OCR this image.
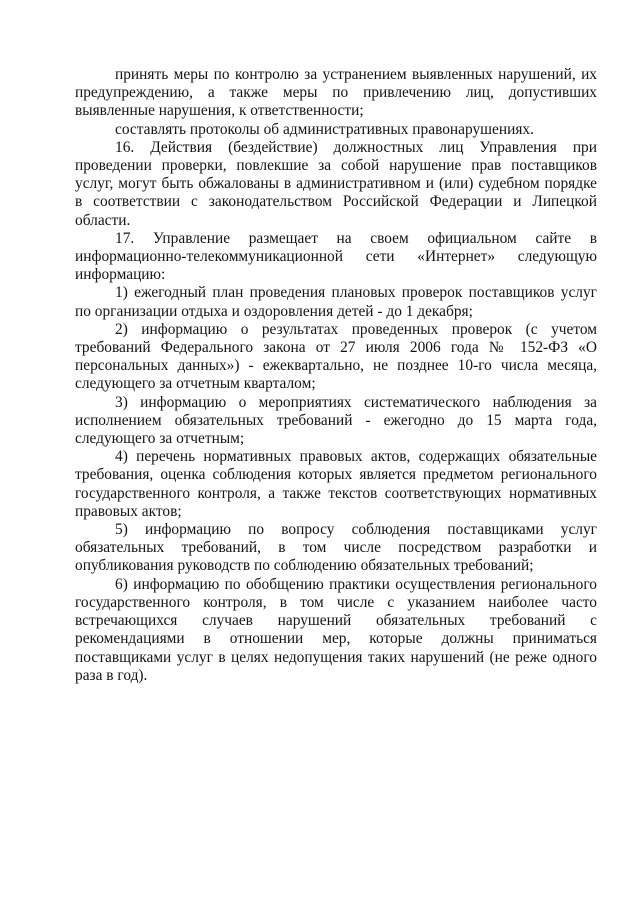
принять меры по контролю за устранением выявленных нарушений, их предупреждению, а также меры по привлечению лиц, допустивших выявленные нарушения, к ответственности;

составлять протоколы об административных правонарушениях.

16. Действия (бездействие) должностных лиц Управления при проведении проверки, повлекшие за собой нарушение прав поставщиков услуг, могут быть обжалованы в административном и (или) судебном порядке в соответствии с законодательством Российской Федерации и Липецкой области.

17. Управление размещает на своем официальном сайте в информационно-телекоммуникационной сети «Интернет» следующую информацию:

1) ежегодный план проведения плановых проверок поставщиков услуг по организации отдыха и оздоровления детей - до 1 декабря;

2) информацию о результатах проведенных проверок (с учетом требований Федерального закона от 27 июля 2006 года № 152-ФЗ «О персональных данных») - ежеквартально, не позднее 10-го числа месяца, следующего за отчетным кварталом;

3) информацию о мероприятиях систематического наблюдения за исполнением обязательных требований - ежегодно до 15 марта года, следующего за отчетным;

4) перечень нормативных правовых актов, содержащих обязательные требования, оценка соблюдения которых является предметом регионального государственного контроля, а также текстов соответствующих нормативных правовых актов;

5) информацию по вопросу соблюдения поставщиками услуг обязательных требований, в том числе посредством разработки и опубликования руководств по соблюдению обязательных требований;

6) информацию по обобщению практики осуществления регионального государственного контроля, в том числе с указанием наиболее часто встречающихся случаев нарушений обязательных требований с рекомендациями в отношении мер, которые должны приниматься поставщиками услуг в целях недопущения таких нарушений (не реже одного раза в год).
